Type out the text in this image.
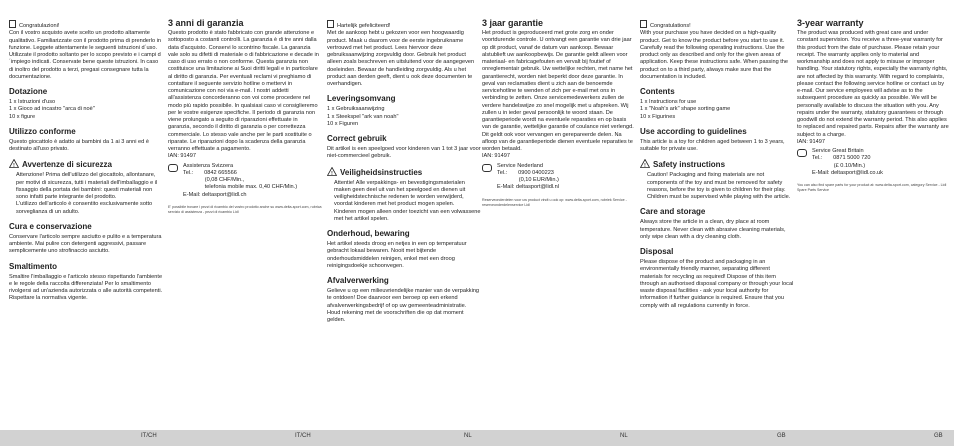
Congratulazioni!

Con il vostro acquisto avete scelto un prodotto altamente qualitativo. Familiarizzate con il prodotto prima di prenderlo in funzione. Leggete attentamente le seguenti istruzioni d´uso. Utilizzate il prodotto soltanto per lo scopo previsto e i campi d´impiego indicati. Conservate bene queste istruzioni. In caso di inoltro del prodotto a terzi, pregasi consegnare tutta la documentazione.

Dotazione
1 x Istruzioni d'uso
1 x Gioco ad incastro "arca di noè"
10 x figure
Utilizzo conforme

Questo giocattolo è adatto ai bambini da 1 ai 3 anni ed è destinato all'uso privato.

! Avvertenze di sicurezza
• Attenzione! Prima dell'utilizzo del giocattolo, allontanare, per motivi di sicurezza, tutti i materiali dell'imballaggio e il fissaggio della portata dei bambini: questi materiali non sono infatti parte integrante del prodotto.
• L'utilizzo dell'articolo è consentito esclusivamente sotto sorveglianza di un adulto.
Cura e conservazione

Conservare l'articolo sempre asciutto e pulito e a temperatura ambiente. Mai pulire con detergenti aggressivi, passare semplicemente uno strofinaccio asciutto.

Smaltimento

Smaltire l'imballaggio e l'articolo stesso rispettando l'ambiente e le regole della raccolta differenziata! Per lo smaltimento rivolgersi ad un'azienda autorizzata o alle autorità competenti. Rispettare la normativa vigente.

3 anni di garanzia

Questo prodotto è stato fabbricato con grande attenzione e sottoposto a costanti controlli. La garanzia è di tre anni dalla data d'acquisto. Conservi lo scontrino fiscale. La garanzia vale solo su difetti di materiale o di fabbricazione e decade in caso di uso errato o non conforme. Questa garanzia non costituisce una limitazione ai Suoi diritti legali e in particolare al diritto di garanzia. Per eventuali reclami vi preghiamo di contattare il seguente servizio hotline o mettervi in comunicazione con noi via e-mail. I nostri addetti all'assistenza concorderanno con voi come procedere nel modo più rapido possibile. In qualsiasi caso vi consiglieremo per le vostre esigenze specifiche. Il periodo di garanzia non viene prolungato a seguito di riparazioni effettuate in garanzia, secondo il diritto di garanzia o per correttezza commerciale. Lo stesso vale anche per le parti sostituite o riparate. Le riparazioni dopo la scadenza della garanzia verranno effettuate a pagamento.

IAN: 91497
Assistenza Svizzera
Tel.:       0842 665566
(0,08 CHF/Min.,
telefonia mobile max. 0,40 CHF/Min.)
E-Mail: deltasport@lidl.ch
E' possibile trovare i pezzi di ricambio del vostro prodotto anche su www.delta-sport.com, rubrica servizio di assistenza - pezzi di ricambio Lidl
Hartelijk gefeliciteerd!

Met de aankoop hebt u gekozen voor een hoogwaardig product. Maak u daarom voor de eerste ingebruikname vertrouwd met het product. Lees hiervoor deze gebruiksaanwijzing zorgvuldig door. Gebruik het product alleen zoals beschreven en uitsluitend voor de aangegeven doeleinden. Bewaar de handleiding zorgvuldig. Als u het product aan derden geeft, dient u ook deze documenten te overhandigen.

Leveringsomvang
1 x Gebruiksaanwijzing
1 x Steekspel "ark van noah"
10 x Figuren
Correct gebruik

Dit artikel is een speelgoed voor kinderen van 1 tot 3 jaar voor niet-commercieel gebruik.

! Veiligheidsinstructies
• Attentie! Alle verpakkings- en bevestigingsmaterialen maken geen deel uit van het speelgoed en dienen uit veiligheidstechnische redenen te worden verwijderd, voordat kinderen met het product mogen spelen.
• Kinderen mogen alleen onder toezicht van een volwassene met het artikel spelen.
Onderhoud, bewaring

Het artikel steeds droog en netjes in een op temperatuur gebracht lokaal bewaren. Nooit met bijtende onderhoudsmiddelen reinigen, enkel met een droog reinigingsdoekje schoonvegen.

Afvalverwerking

Gelieve u op een milieuvriendelijke manier van de verpakking te ontdoen! Doe daarvoor een beroep op een erkend afvalverwerkingsbedrijf of op uw gemeenteadministratie. Houd rekening met de voorschriften die op dat moment gelden.

3 jaar garantie

Het product is geproduceerd met grote zorg en onder voortdurende controle. U ontvangt een garantie van drie jaar op dit product, vanaf de datum van aankoop. Bewaar alstublieft uw aankoopbewijs. De garantie geldt alleen voor materiaal- en fabricagefouten en vervalt bij foutief of onreglementair gebruik. Uw wettelijke rechten, met name het garantierecht, worden niet beperkt door deze garantie. In geval van reclamaties dient u zich aan de benoemde servicehotline te wenden of zich per e-mail met ons in verbinding te zetten. Onze servicemedewerkers zullen de verdere handelswijze zo snel mogelijk met u afspreken. Wij zullen u in ieder geval persoonlijk te woord staan. De garantieperiode wordt na eventuele reparaties en op basis van de garantie, wettelijke garantie of coulance niet verlengd. Dit geldt ook voor vervangen en gerepareerde delen. Na afloop van de garantieperiode dienen eventuele reparaties te worden betaald.

IAN: 91497
Service Nederland
Tel.:       0900 0400223
(0,10 EUR/Min.)
E-Mail: deltasport@lidl.nl
Reserveonderdelen voor uw product vindt u ook op: www.delta-sport.com, rubriek Service - reserveonderdelenservice Lidl
Congratulations!

With your purchase you have decided on a high-quality product. Get to know the product before you start to use it. Carefully read the following operating instructions. Use the product only as described and only for the given areas of application. Keep these instructions safe. When passing the product on to a third party, always make sure that the documentation is included.

Contents
1 x Instructions for use
1 x "Noah's ark" shape sorting game
10 x Figurines
Use according to guidelines

This article is a toy for children aged between 1 to 3 years, suitable for private use.

! Safety instructions
• Caution! Packaging and fixing materials are not components of the toy and must be removed for safety reasons, before the toy is given to children for their play.
• Children must be supervised while playing with the article.
Care and storage

Always store the article in a clean, dry place at room temperature. Never clean with abrasive cleaning materials, only wipe clean with a dry cleaning cloth.

Disposal

Please dispose of the product and packaging in an environmentally friendly manner, separating different materials for recycling as required! Dispose of this item through an authorised disposal company or through your local waste disposal facilities - ask your local authority for information if further guidance is required. Ensure that you comply with all regulations currently in force.

3-year warranty

The product was produced with great care and under constant supervision. You receive a three-year warranty for this product from the date of purchase. Please retain your receipt. The warranty applies only to material and workmanship and does not apply to misuse or improper handling. Your statutory rights, especially the warranty rights, are not affected by this warranty. With regard to complaints, please contact the following service hotline or contact us by e-mail. Our service employees will advise as to the subsequent procedure as quickly as possible. We will be personally available to discuss the situation with you. Any repairs under the warranty, statutory guarantees or through goodwill do not extend the warranty period. This also applies to replaced and repaired parts. Repairs after the warranty are subject to a charge.

IAN: 91497
Service Great Britain
Tel.:       0871 5000 720
(£ 0.10/Min.)
E-Mail: deltasport@lidl.co.uk
You can also find spare parts for your product at: www.delta-sport.com, category Service - Lidl Spare Parts Service
IT/CH	IT/CH	NL	NL	GB	GB
